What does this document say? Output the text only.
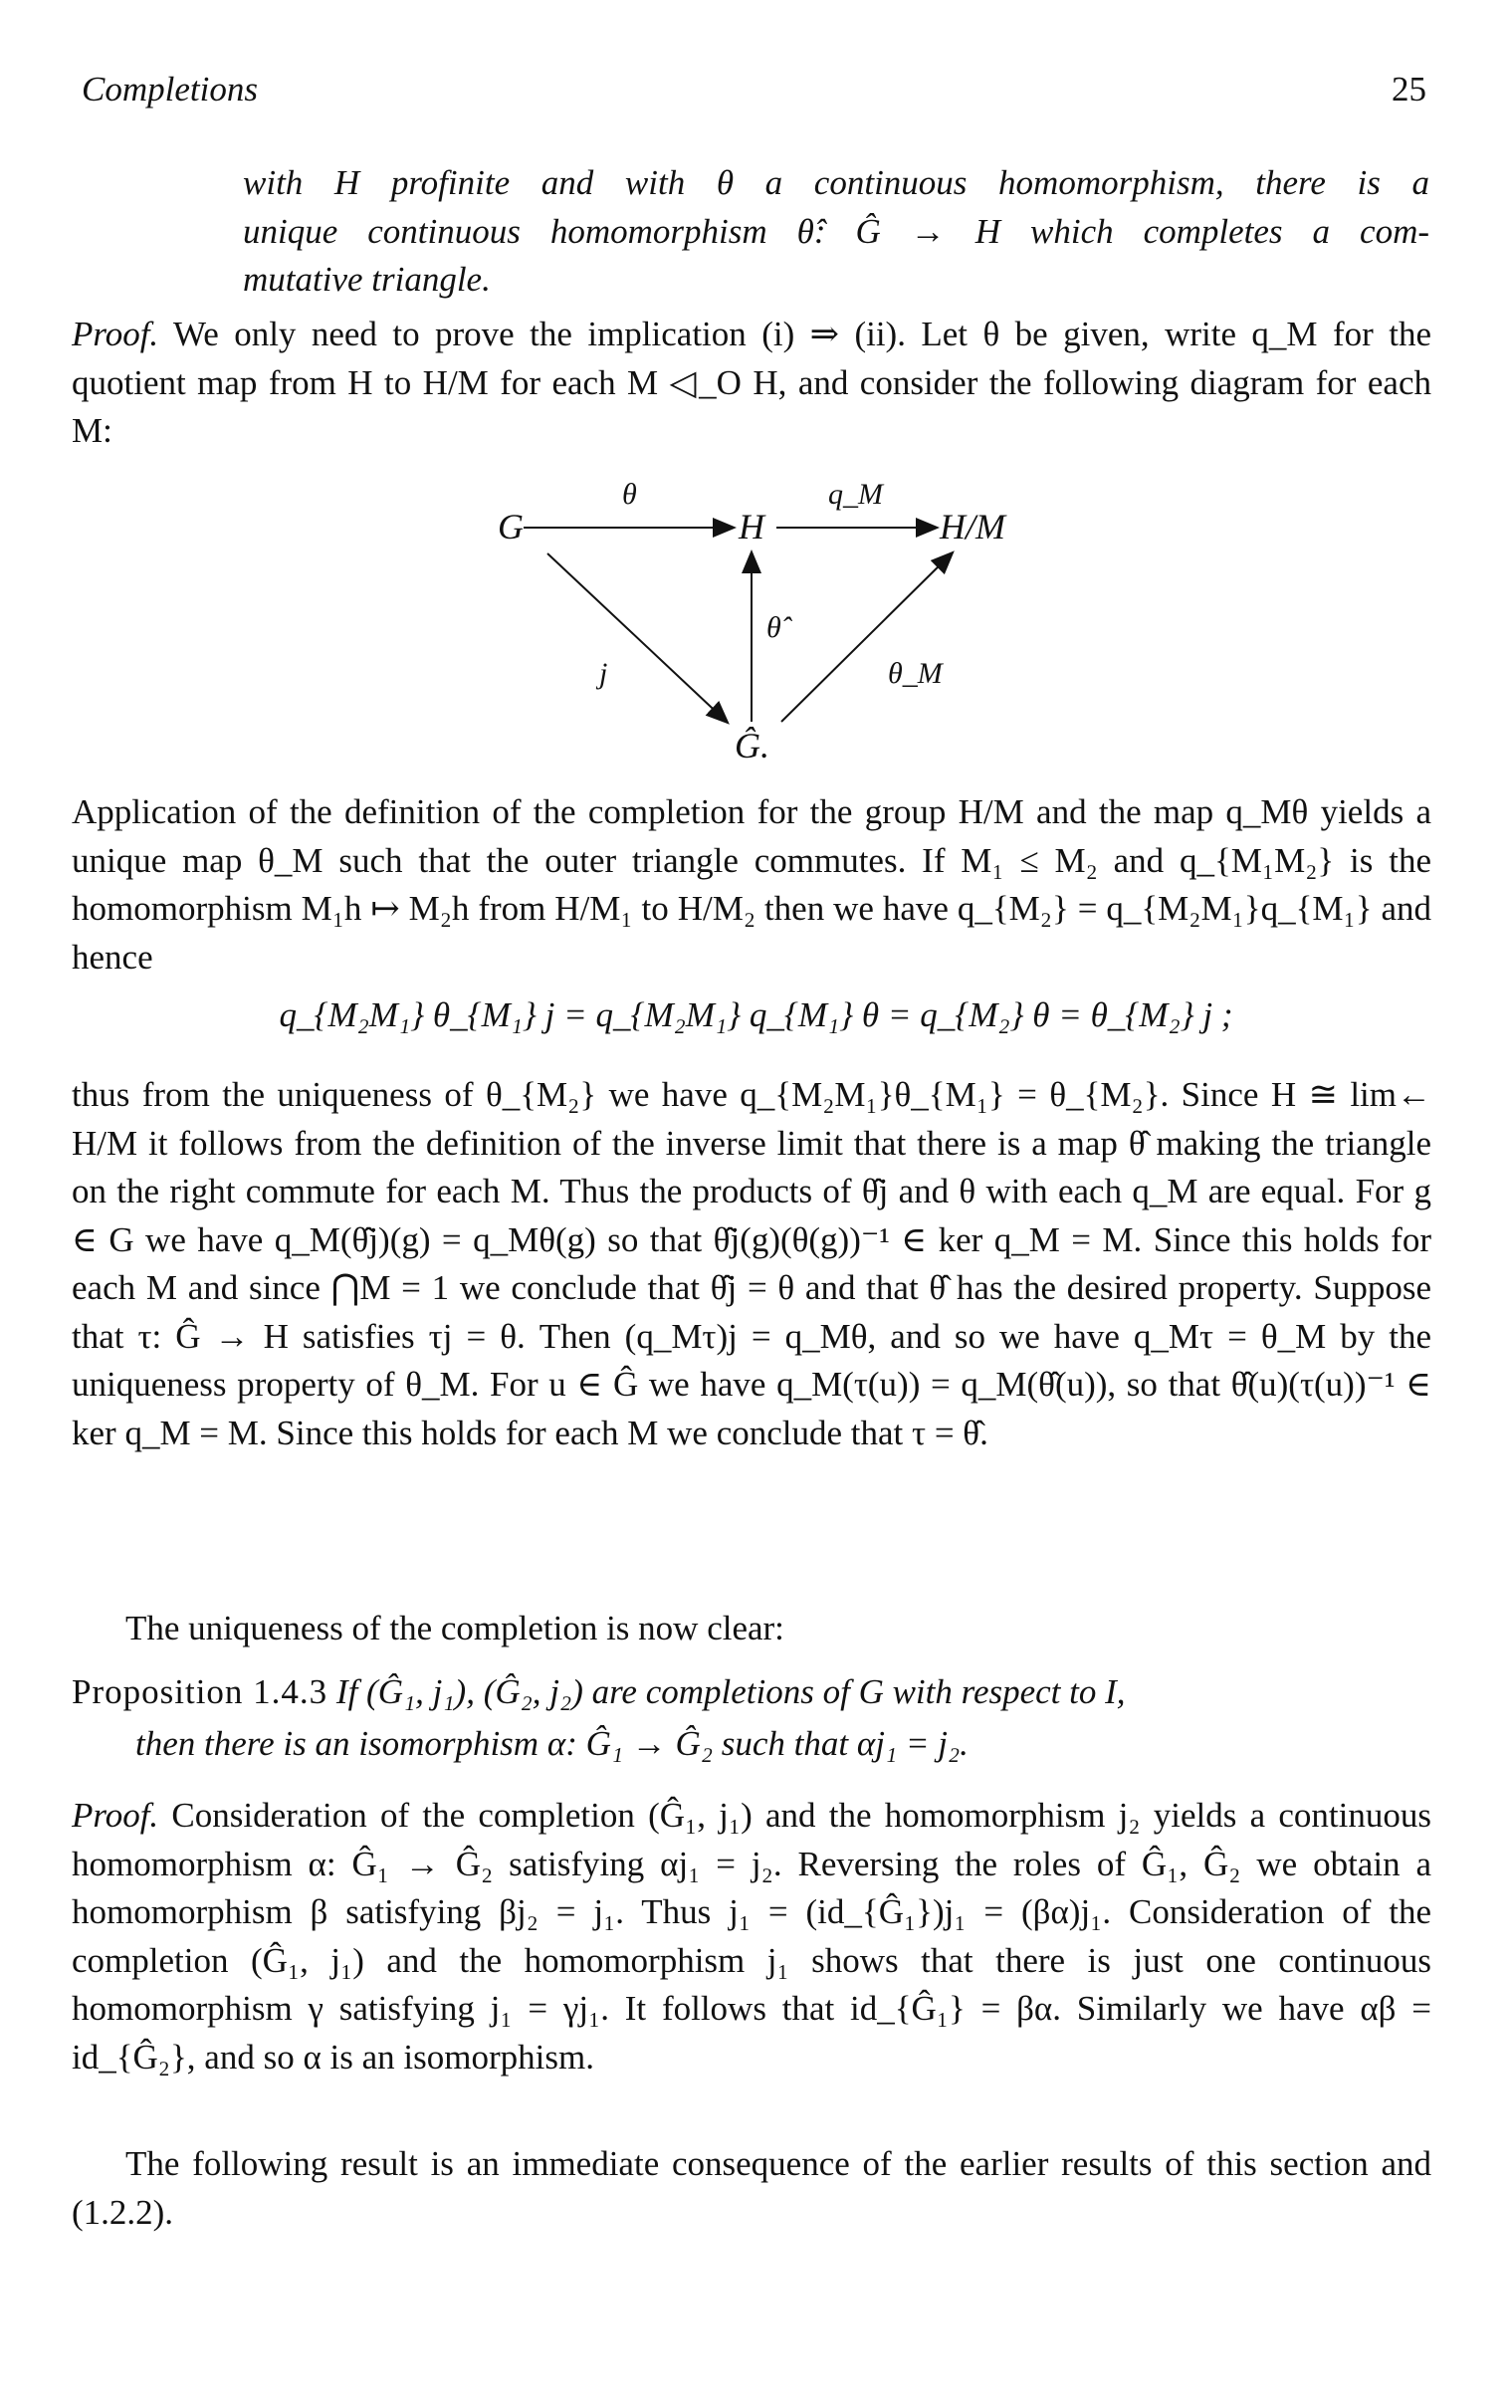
Completions	25
with H profinite and with θ a continuous homomorphism, there is a
unique continuous homomorphism θ̂: Ĝ → H which completes a com-
mutative triangle.
Proof. We only need to prove the implication (i) ⇒ (ii). Let θ be given, write q_M for the quotient map from H to H/M for each M ◁_O H, and consider the following diagram for each M:
G	H	H/M
Ĝ.
θ	q_M
θ̂
j	θ_M
Application of the definition of the completion for the group H/M and the map q_Mθ yields a unique map θ_M such that the outer triangle commutes. If M₁ ≤ M₂ and q_{M₁M₂} is the homomorphism M₁h ↦ M₂h from H/M₁ to H/M₂ then we have q_{M₂} = q_{M₂M₁}q_{M₁} and hence
q_{M₂M₁} θ_{M₁} j = q_{M₂M₁} q_{M₁} θ = q_{M₂} θ = θ_{M₂} j ;
thus from the uniqueness of θ_{M₂} we have q_{M₂M₁}θ_{M₁} = θ_{M₂}. Since H ≅ lim← H/M it follows from the definition of the inverse limit that there is a map θ̂ making the triangle on the right commute for each M. Thus the products of θ̂j and θ with each q_M are equal. For g ∈ G we have q_M(θ̂j)(g) = q_Mθ(g) so that θ̂j(g)(θ(g))⁻¹ ∈ ker q_M = M. Since this holds for each M and since ⋂M = 1 we conclude that θ̂j = θ and that θ̂ has the desired property. Suppose that τ: Ĝ → H satisfies τj = θ. Then (q_Mτ)j = q_Mθ, and so we have q_Mτ = θ_M by the uniqueness property of θ_M. For u ∈ Ĝ we have q_M(τ(u)) = q_M(θ̂(u)), so that θ̂(u)(τ(u))⁻¹ ∈ ker q_M = M. Since this holds for each M we conclude that τ = θ̂.
The uniqueness of the completion is now clear:
Proposition 1.4.3 If (Ĝ₁, j₁), (Ĝ₂, j₂) are completions of G with respect to I,
then there is an isomorphism α: Ĝ₁ → Ĝ₂ such that αj₁ = j₂.
Proof. Consideration of the completion (Ĝ₁, j₁) and the homomorphism j₂ yields a continuous homomorphism α: Ĝ₁ → Ĝ₂ satisfying αj₁ = j₂. Reversing the roles of Ĝ₁, Ĝ₂ we obtain a homomorphism β satisfying βj₂ = j₁. Thus j₁ = (id_{Ĝ₁})j₁ = (βα)j₁. Consideration of the completion (Ĝ₁, j₁) and the homomorphism j₁ shows that there is just one continuous homomorphism γ satisfying j₁ = γj₁. It follows that id_{Ĝ₁} = βα. Similarly we have αβ = id_{Ĝ₂}, and so α is an isomorphism.
The following result is an immediate consequence of the earlier results of this section and (1.2.2).
